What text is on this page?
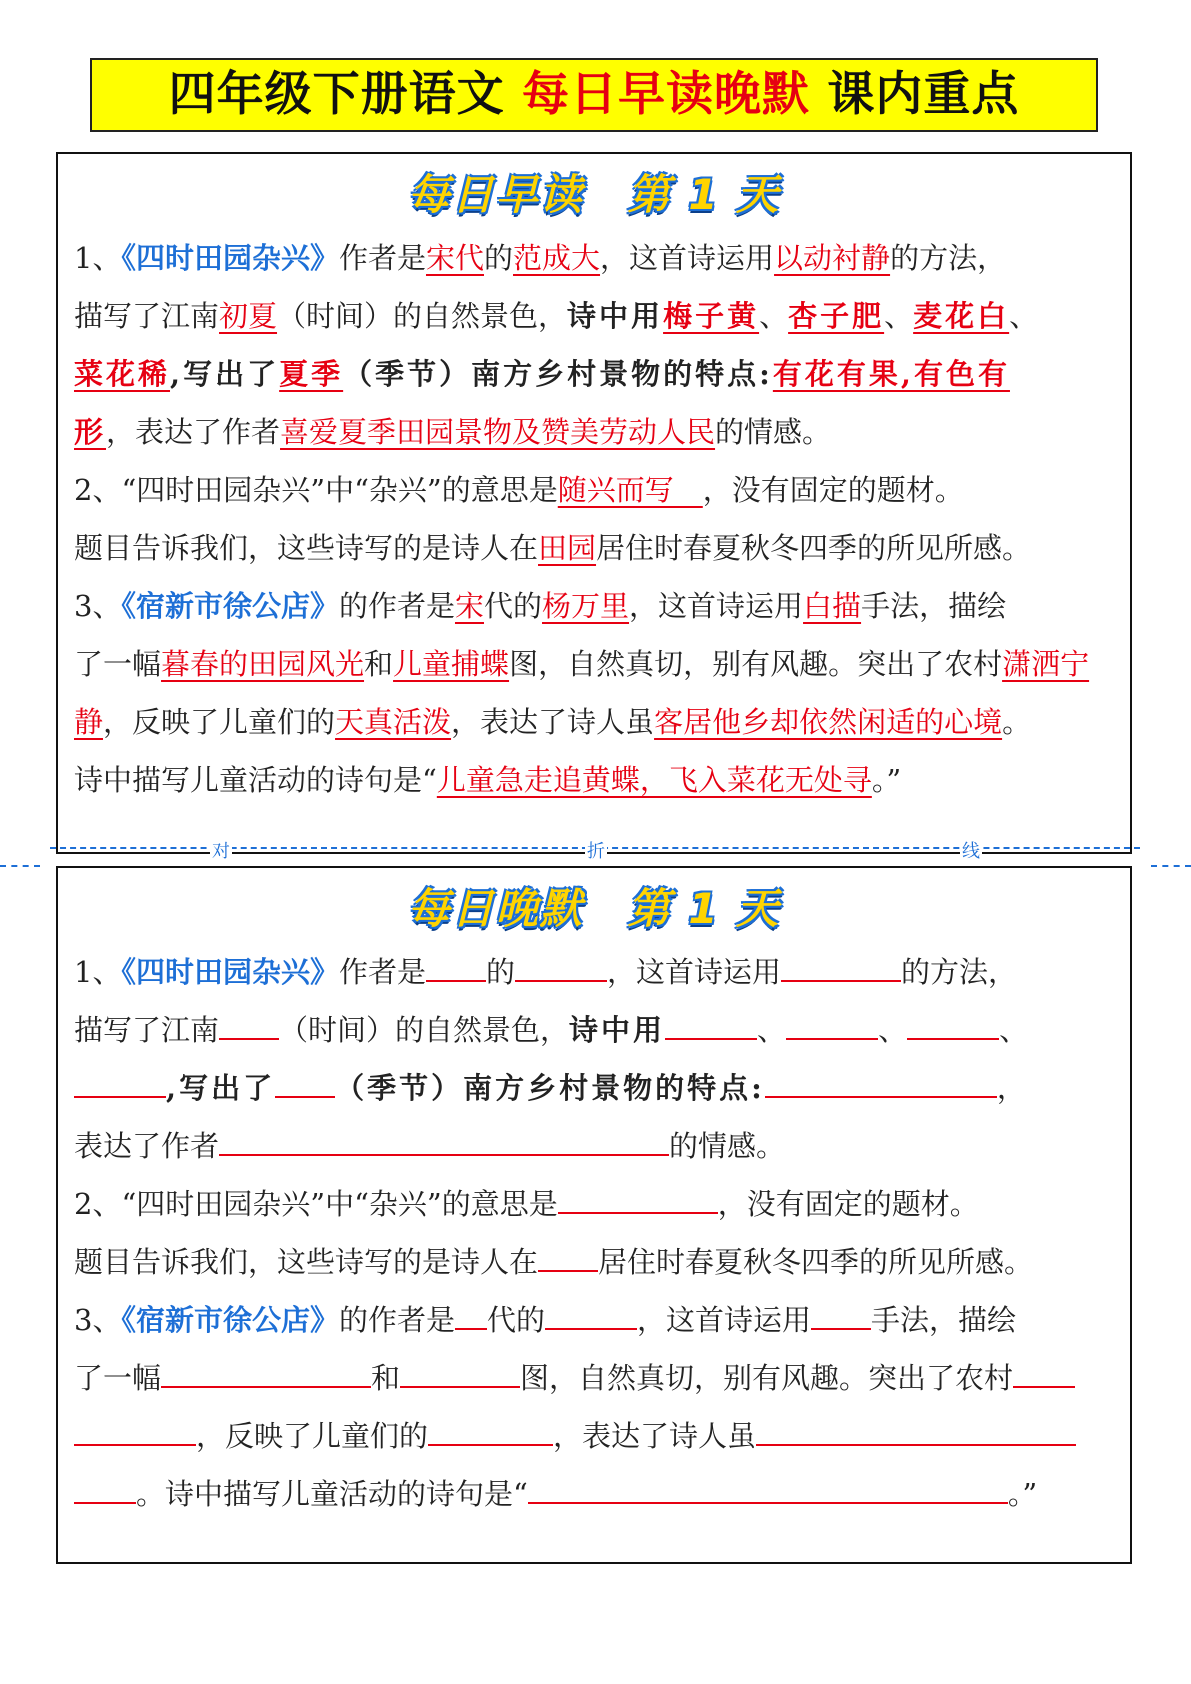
四年级下册语文 每日早读晚默 课内重点
每日早读　第 1 天
1、《四时田园杂兴》作者是宋代的范成大，这首诗运用以动衬静的方法，
描写了江南初夏（时间）的自然景色，诗中用梅子黄、杏子肥、麦花白、
菜花稀,写出了夏季（季节）南方乡村景物的特点:有花有果,有色有
形，表达了作者喜爱夏季田园景物及赞美劳动人民的情感。
2、“四时田园杂兴”中“杂兴”的意思是随兴而写　，没有固定的题材。
题目告诉我们，这些诗写的是诗人在田园居住时春夏秋冬四季的所见所感。
3、《宿新市徐公店》的作者是宋代的杨万里，这首诗运用白描手法，描绘
了一幅暮春的田园风光和儿童捕蝶图，自然真切，别有风趣。突出了农村潇洒宁
静，反映了儿童们的天真活泼，表达了诗人虽客居他乡却依然闲适的心境。
诗中描写儿童活动的诗句是“儿童急走追黄蝶，飞入菜花无处寻。”
对	折	线
每日晚默　第 1 天
1、《四时田园杂兴》作者是 的	，这首诗运用	的方法，
描写了江南 （时间）的自然景色，诗中用	、	、	、
,写出了 （季节）南方乡村景物的特点:	，
表达了作者	的情感。
2、“四时田园杂兴”中“杂兴”的意思是	，没有固定的题材。
题目告诉我们，这些诗写的是诗人在 居住时春夏秋冬四季的所见所感。
3、《宿新市徐公店》的作者是 代的	，这首诗运用 手法，描绘
了一幅	和	图，自然真切，别有风趣。突出了农村
，反映了儿童们的	，表达了诗人虽
。诗中描写儿童活动的诗句是“	。”
